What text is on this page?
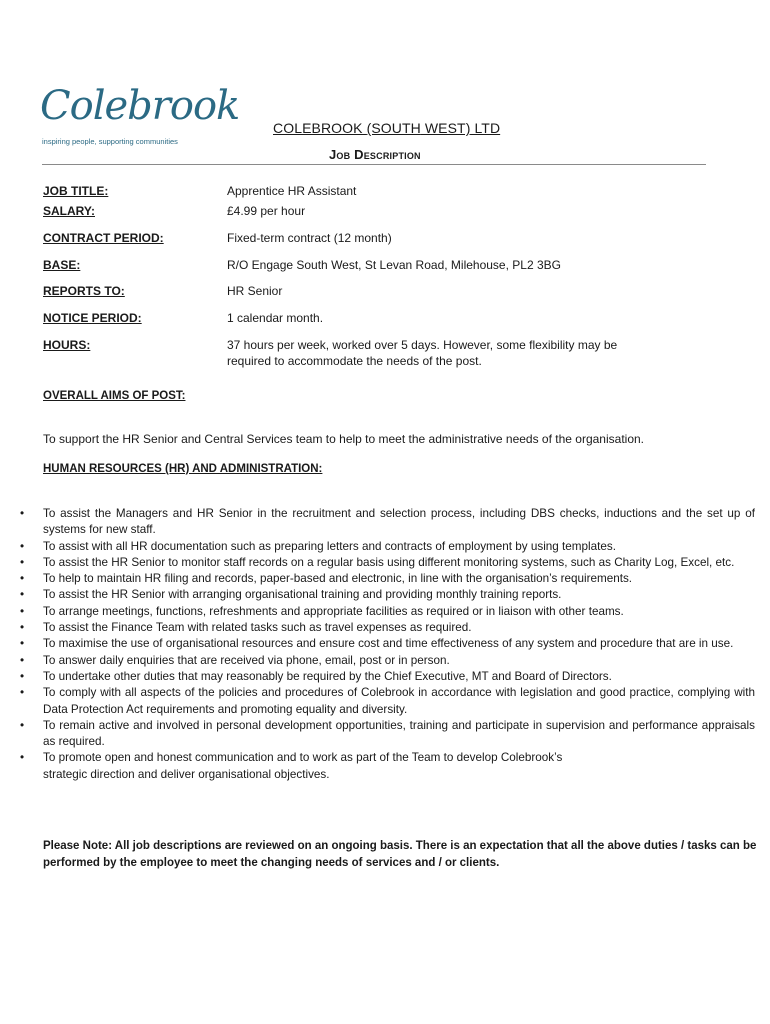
Colebrook
inspiring people, supporting communities
COLEBROOK (SOUTH WEST) LTD
Job Description
JOB TITLE:	Apprentice HR Assistant
SALARY:	£4.99 per hour
CONTRACT PERIOD:	Fixed-term contract (12 month)
BASE:	R/O Engage South West, St Levan Road, Milehouse, PL2 3BG
REPORTS TO:	HR Senior
NOTICE PERIOD:	1 calendar month.
HOURS:	37 hours per week, worked over 5 days. However, some flexibility may be required to accommodate the needs of the post.
OVERALL AIMS OF POST:
To support the HR Senior and Central Services team to help to meet the administrative needs of the organisation.
HUMAN RESOURCES (HR) AND ADMINISTRATION:
• To assist the Managers and HR Senior in the recruitment and selection process, including DBS checks, inductions and the set up of systems for new staff.
• To assist with all HR documentation such as preparing letters and contracts of employment by using templates.
• To assist the HR Senior to monitor staff records on a regular basis using different monitoring systems, such as Charity Log, Excel, etc.
• To help to maintain HR filing and records, paper-based and electronic, in line with the organisation’s requirements.
• To assist the HR Senior with arranging organisational training and providing monthly training reports.
• To arrange meetings, functions, refreshments and appropriate facilities as required or in liaison with other teams.
• To assist the Finance Team with related tasks such as travel expenses as required.
• To maximise the use of organisational resources and ensure cost and time effectiveness of any system and procedure that are in use.
• To answer daily enquiries that are received via phone, email, post or in person.
• To undertake other duties that may reasonably be required by the Chief Executive, MT and Board of Directors.
• To comply with all aspects of the policies and procedures of Colebrook in accordance with legislation and good practice, complying with Data Protection Act requirements and promoting equality and diversity.
• To remain active and involved in personal development opportunities, training and participate in supervision and performance appraisals as required.
• To promote open and honest communication and to work as part of the Team to develop Colebrook’s strategic direction and deliver organisational objectives.
Please Note: All job descriptions are reviewed on an ongoing basis. There is an expectation that all the above duties / tasks can be performed by the employee to meet the changing needs of services and / or clients.
